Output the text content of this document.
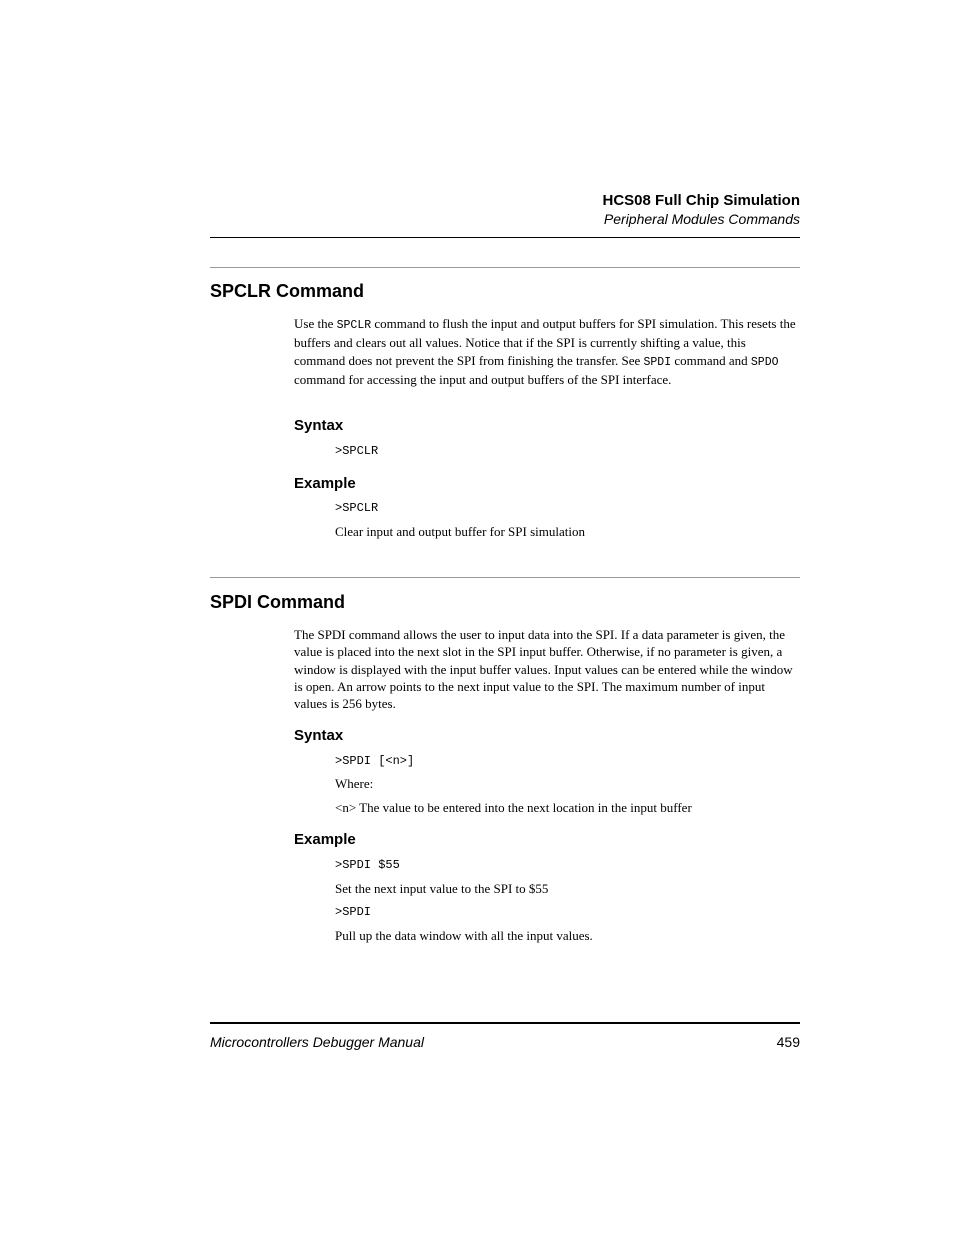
HCS08 Full Chip Simulation
Peripheral Modules Commands
SPCLR Command

Use the SPCLR command to flush the input and output buffers for SPI simulation. This resets the buffers and clears out all values. Notice that if the SPI is currently shifting a value, this command does not prevent the SPI from finishing the transfer. See SPDI command and SPDO command for accessing the input and output buffers of the SPI interface.

Syntax
>SPCLR
Example
>SPCLR
Clear input and output buffer for SPI simulation
SPDI Command

The SPDI command allows the user to input data into the SPI. If a data parameter is given, the value is placed into the next slot in the SPI input buffer. Otherwise, if no parameter is given, a window is displayed with the input buffer values. Input values can be entered while the window is open. An arrow points to the next input value to the SPI. The maximum number of input values is 256 bytes.

Syntax
>SPDI [<n>]
Where:
<n> The value to be entered into the next location in the input buffer
Example
>SPDI $55
Set the next input value to the SPI to $55
>SPDI
Pull up the data window with all the input values.
Microcontrollers Debugger Manual	459
